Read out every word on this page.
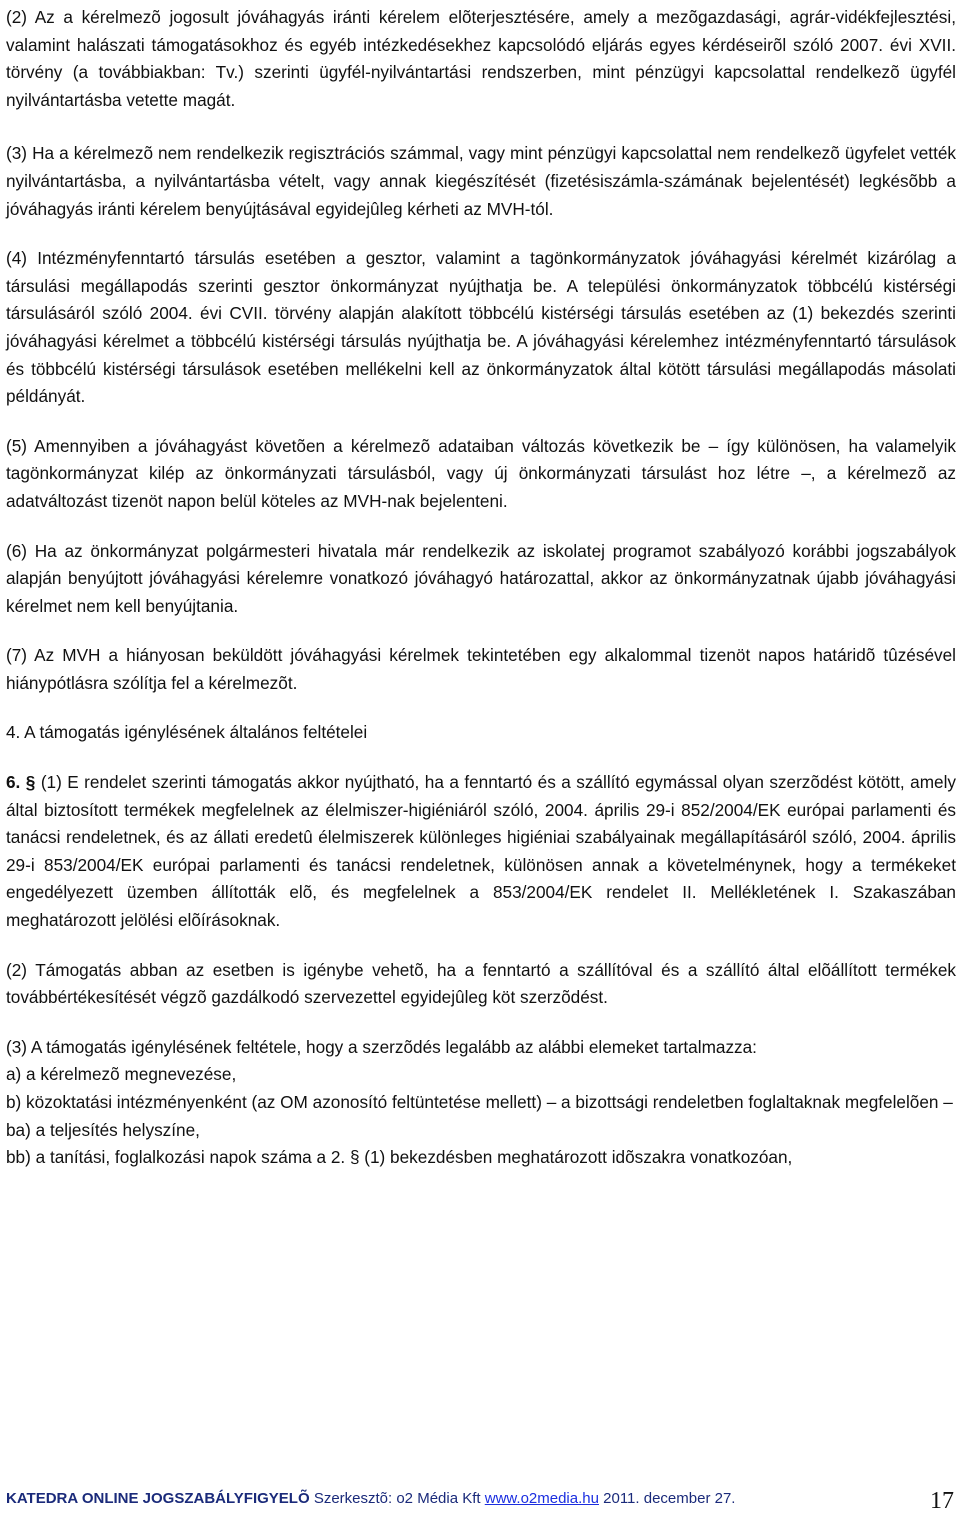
(2) Az a kérelmezõ jogosult jóváhagyás iránti kérelem elõterjesztésére, amely a mezõgazdasági, agrár-vidékfejlesztési, valamint halászati támogatásokhoz és egyéb intézkedésekhez kapcsolódó eljárás egyes kérdéseirõl szóló 2007. évi XVII. törvény (a továbbiakban: Tv.) szerinti ügyfél-nyilvántartási rendszerben, mint pénzügyi kapcsolattal rendelkezõ ügyfél nyilvántartásba vetette magát.

(3) Ha a kérelmezõ nem rendelkezik regisztrációs számmal, vagy mint pénzügyi kapcsolattal nem rendelkezõ ügyfelet vették nyilvántartásba, a nyilvántartásba vételt, vagy annak kiegészítését (fizetésiszámla-számának bejelentését) legkésõbb a jóváhagyás iránti kérelem benyújtásával egyidejûleg kérheti az MVH-tól.

(4) Intézményfenntartó társulás esetében a gesztor, valamint a tagönkormányzatok jóváhagyási kérelmét kizárólag a társulási megállapodás szerinti gesztor önkormányzat nyújthatja be. A települési önkormányzatok többcélú kistérségi társulásáról szóló 2004. évi CVII. törvény alapján alakított többcélú kistérségi társulás esetében az (1) bekezdés szerinti jóváhagyási kérelmet a többcélú kistérségi társulás nyújthatja be. A jóváhagyási kérelemhez intézményfenntartó társulások és többcélú kistérségi társulások esetében mellékelni kell az önkormányzatok által kötött társulási megállapodás másolati példányát.

(5) Amennyiben a jóváhagyást követõen a kérelmezõ adataiban változás következik be – így különösen, ha valamelyik tagönkormányzat kilép az önkormányzati társulásból, vagy új önkormányzati társulást hoz létre –, a kérelmezõ az adatváltozást tizenöt napon belül köteles az MVH-nak bejelenteni.

(6) Ha az önkormányzat polgármesteri hivatala már rendelkezik az iskolatej programot szabályozó korábbi jogszabályok alapján benyújtott jóváhagyási kérelemre vonatkozó jóváhagyó határozattal, akkor az önkormányzatnak újabb jóváhagyási kérelmet nem kell benyújtania.

(7) Az MVH a hiányosan beküldött jóváhagyási kérelmek tekintetében egy alkalommal tizenöt napos határidõ tûzésével hiánypótlásra szólítja fel a kérelmezõt.

4. A támogatás igénylésének általános feltételei

6. § (1) E rendelet szerinti támogatás akkor nyújtható, ha a fenntartó és a szállító egymással olyan szerzõdést kötött, amely által biztosított termékek megfelelnek az élelmiszer-higiéniáról szóló, 2004. április 29-i 852/2004/EK európai parlamenti és tanácsi rendeletnek, és az állati eredetû élelmiszerek különleges higiéniai szabályainak megállapításáról szóló, 2004. április 29-i 853/2004/EK európai parlamenti és tanácsi rendeletnek, különösen annak a követelménynek, hogy a termékeket engedélyezett üzemben állították elõ, és megfelelnek a 853/2004/EK rendelet II. Mellékletének I. Szakaszában meghatározott jelölési elõírásoknak.

(2) Támogatás abban az esetben is igénybe vehetõ, ha a fenntartó a szállítóval és a szállító által elõállított termékek továbbértékesítését végzõ gazdálkodó szervezettel egyidejûleg köt szerzõdést.

(3) A támogatás igénylésének feltétele, hogy a szerzõdés legalább az alábbi elemeket tartalmazza:

a) a kérelmezõ megnevezése,

b) közoktatási intézményenként (az OM azonosító feltüntetése mellett) – a bizottsági rendeletben foglaltaknak megfelelõen –

ba) a teljesítés helyszíne,

bb) a tanítási, foglalkozási napok száma a 2. § (1) bekezdésben meghatározott idõszakra vonatkozóan,

KATEDRA ONLINE JOGSZABÁLYFIGYELÕ Szerkesztõ: o2 Média Kft www.o2media.hu 2011. december 27.	17
